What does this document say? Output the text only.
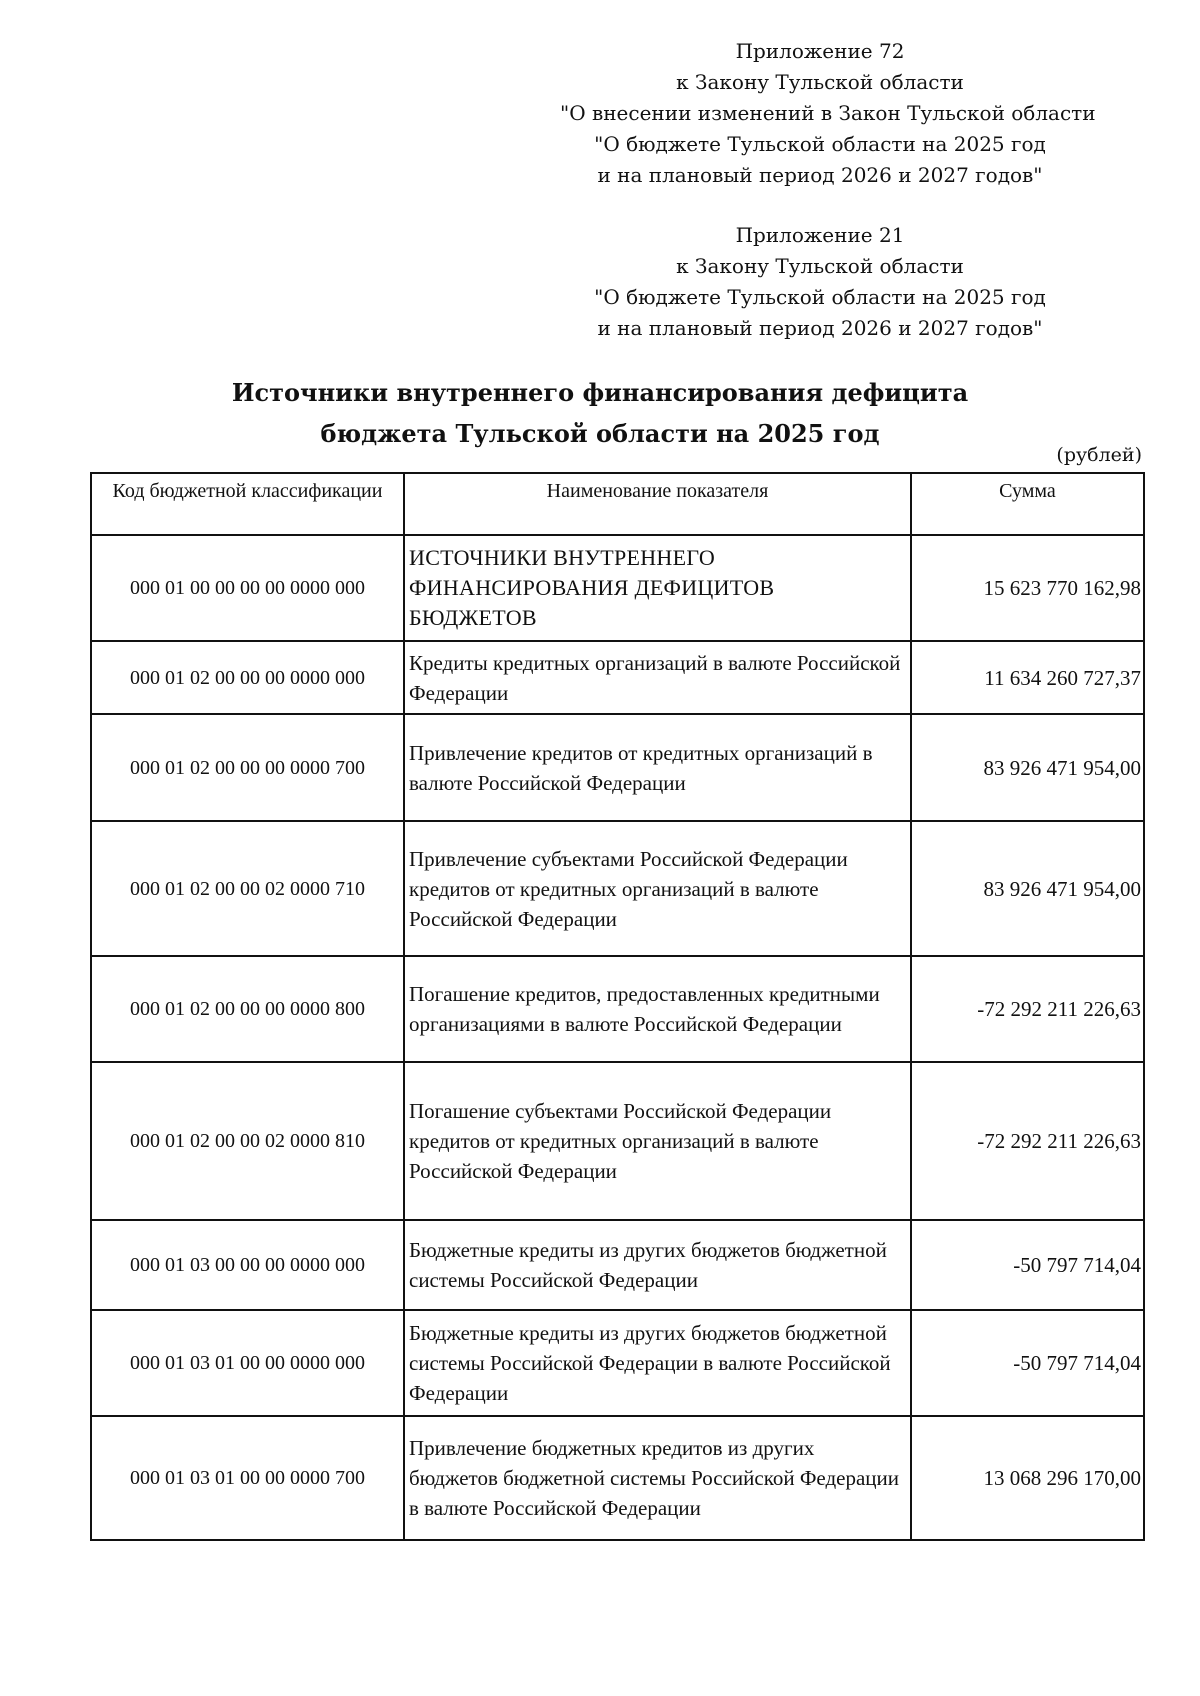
Приложение 72
к Закону Тульской области
"О внесении изменений в Закон Тульской области
"О бюджете Тульской области на 2025 год
и на плановый период 2026 и 2027 годов"
Приложение 21
к Закону Тульской области
"О бюджете Тульской области на 2025 год
и на плановый период 2026 и 2027 годов"
Источники внутреннего финансирования дефицита
бюджета Тульской области на 2025 год
(рублей)
Код бюджетной классификации	Наименование показателя	Сумма
000 01 00 00 00 00 0000 000	ИСТОЧНИКИ ВНУТРЕННЕГО ФИНАНСИРОВАНИЯ ДЕФИЦИТОВ БЮДЖЕТОВ	15 623 770 162,98
000 01 02 00 00 00 0000 000	Кредиты кредитных организаций в валюте Российской Федерации	11 634 260 727,37
000 01 02 00 00 00 0000 700	Привлечение кредитов от кредитных организаций в валюте Российской Федерации	83 926 471 954,00
000 01 02 00 00 02 0000 710	Привлечение субъектами Российской Федерации кредитов от кредитных организаций в валюте Российской Федерации	83 926 471 954,00
000 01 02 00 00 00 0000 800	Погашение кредитов, предоставленных кредитными организациями в валюте Российской Федерации	-72 292 211 226,63
000 01 02 00 00 02 0000 810	Погашение субъектами Российской Федерации кредитов от кредитных организаций в валюте Российской Федерации	-72 292 211 226,63
000 01 03 00 00 00 0000 000	Бюджетные кредиты из других бюджетов бюджетной системы Российской Федерации	-50 797 714,04
000 01 03 01 00 00 0000 000	Бюджетные кредиты из других бюджетов бюджетной системы Российской Федерации в валюте Российской Федерации	-50 797 714,04
000 01 03 01 00 00 0000 700	Привлечение бюджетных кредитов из других бюджетов бюджетной системы Российской Федерации в валюте Российской Федерации	13 068 296 170,00
